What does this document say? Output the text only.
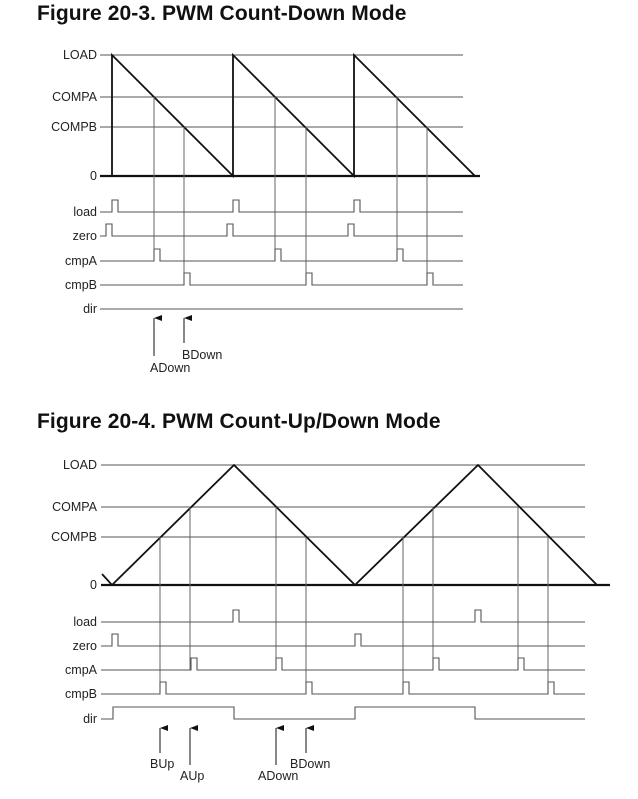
Figure 20-3. PWM Count-Down Mode
Figure 20-4. PWM Count-Up/Down Mode
LOAD
COMPA
COMPB
0
load
zero
cmpA
cmpB
dir
ADown
BDown
LOAD
COMPA
COMPB
0
load
zero
cmpA
cmpB
dir
BUp
AUp	ADown
BDown
